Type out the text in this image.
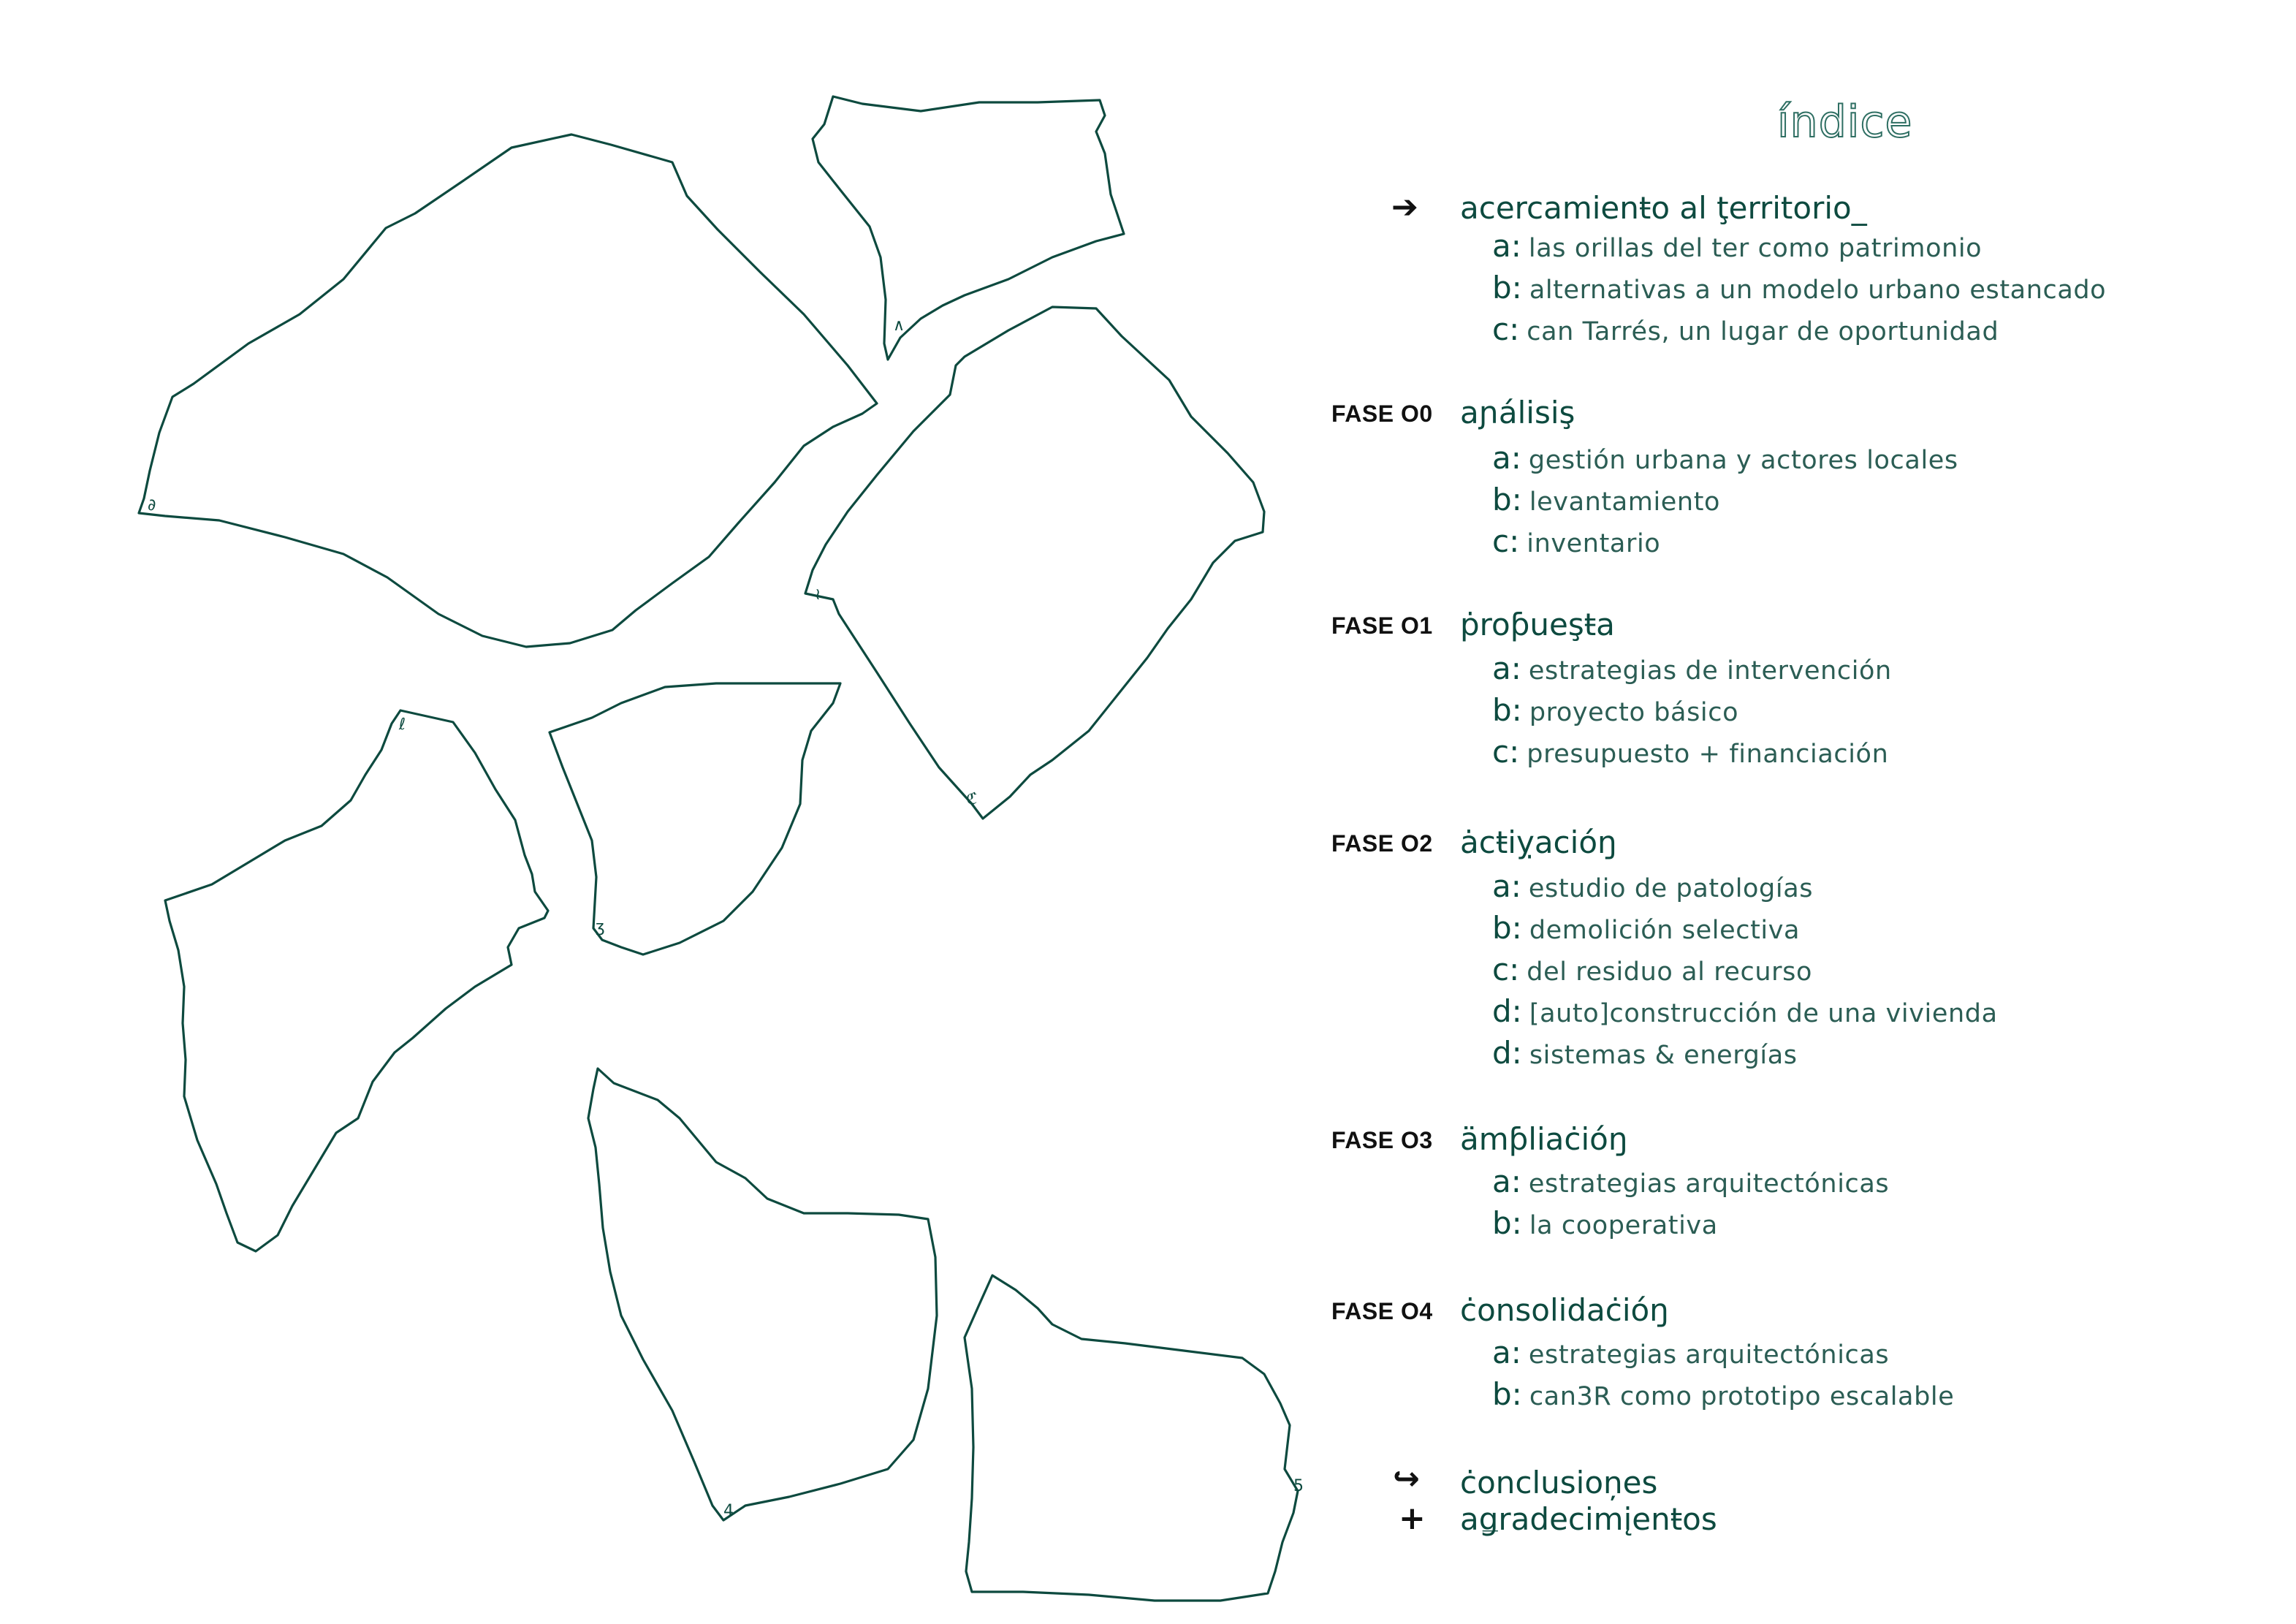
∂
∧
≀
ℭ
ℓ
ʒ
4
5
índice
➔ acercamienŧo al ţerritorio_
a: las orillas del ter como patrimonio
b: alternativas a un modelo urbano estancado
c: can Tarrés, un lugar de oportunidad
FASE O0 aɲálisiş
a: gestión urbana y actores locales
b: levantamiento
c: inventario
FASE O1 ṗroƥueşŧa
a: estrategias de intervención
b: proyecto básico
c: presupuesto + financiación
FASE O2 ȧcŧiỵacióŋ
a: estudio de patologías
b: demolición selectiva
c: del residuo al recurso
d: [auto]construcción de una vivienda
d: sistemas & energías
FASE O3 ämƥliaċióŋ
a: estrategias arquitectónicas
b: la cooperativa
FASE O4 ċonsolidaċióŋ
a: estrategias arquitectónicas
b: can3R como prototipo escalable
↪ ċonclusioņes
+ aǥradecimįenŧos
